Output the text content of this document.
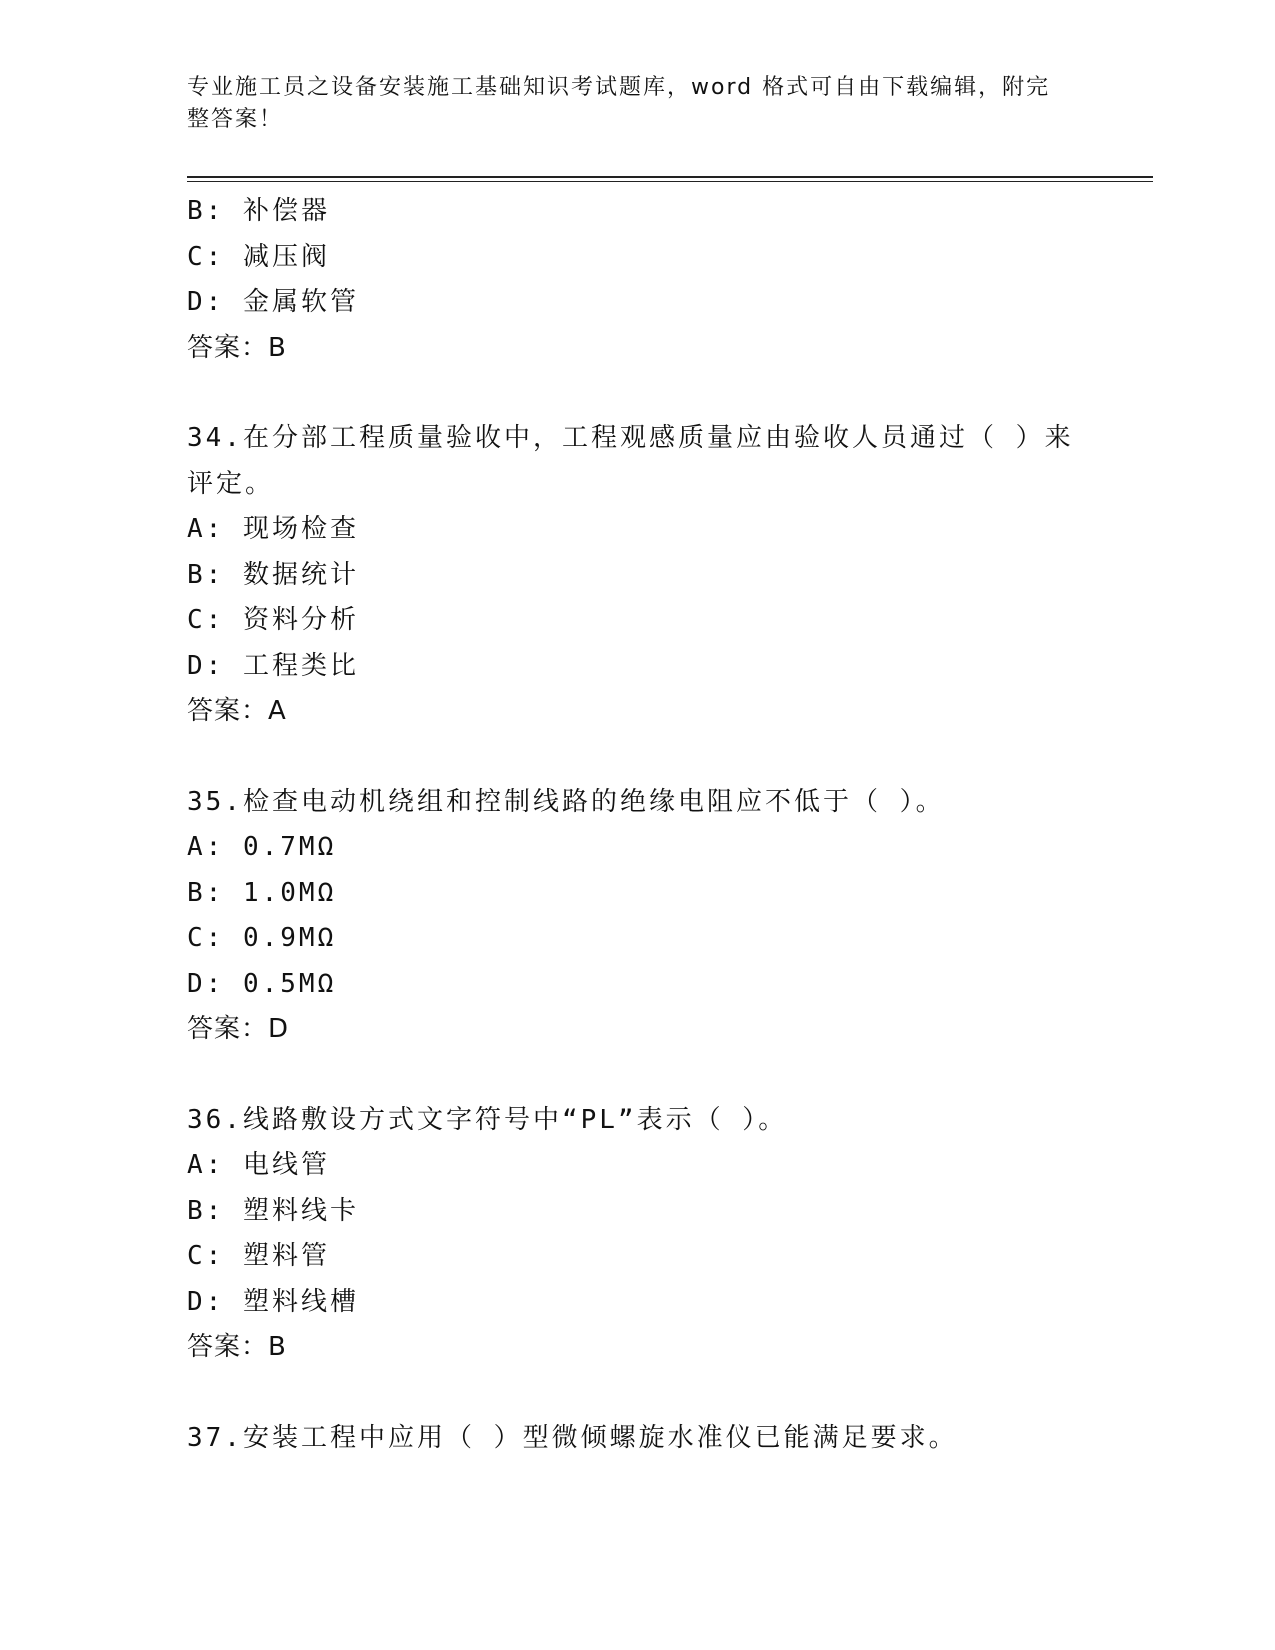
专业施工员之设备安装施工基础知识考试题库，word 格式可自由下载编辑，附完
整答案！
B: 补偿器
C: 减压阀
D: 金属软管
答案：B
34.在分部工程质量验收中，工程观感质量应由验收人员通过（ ）来
评定。
A: 现场检查
B: 数据统计
C: 资料分析
D: 工程类比
答案：A
35.检查电动机绕组和控制线路的绝缘电阻应不低于（ ）。
A: 0.7MΩ
B: 1.0MΩ
C: 0.9MΩ
D: 0.5MΩ
答案：D
36.线路敷设方式文字符号中“PL”表示（ ）。
A: 电线管
B: 塑料线卡
C: 塑料管
D: 塑料线槽
答案：B
37.安装工程中应用（ ）型微倾螺旋水准仪已能满足要求。
